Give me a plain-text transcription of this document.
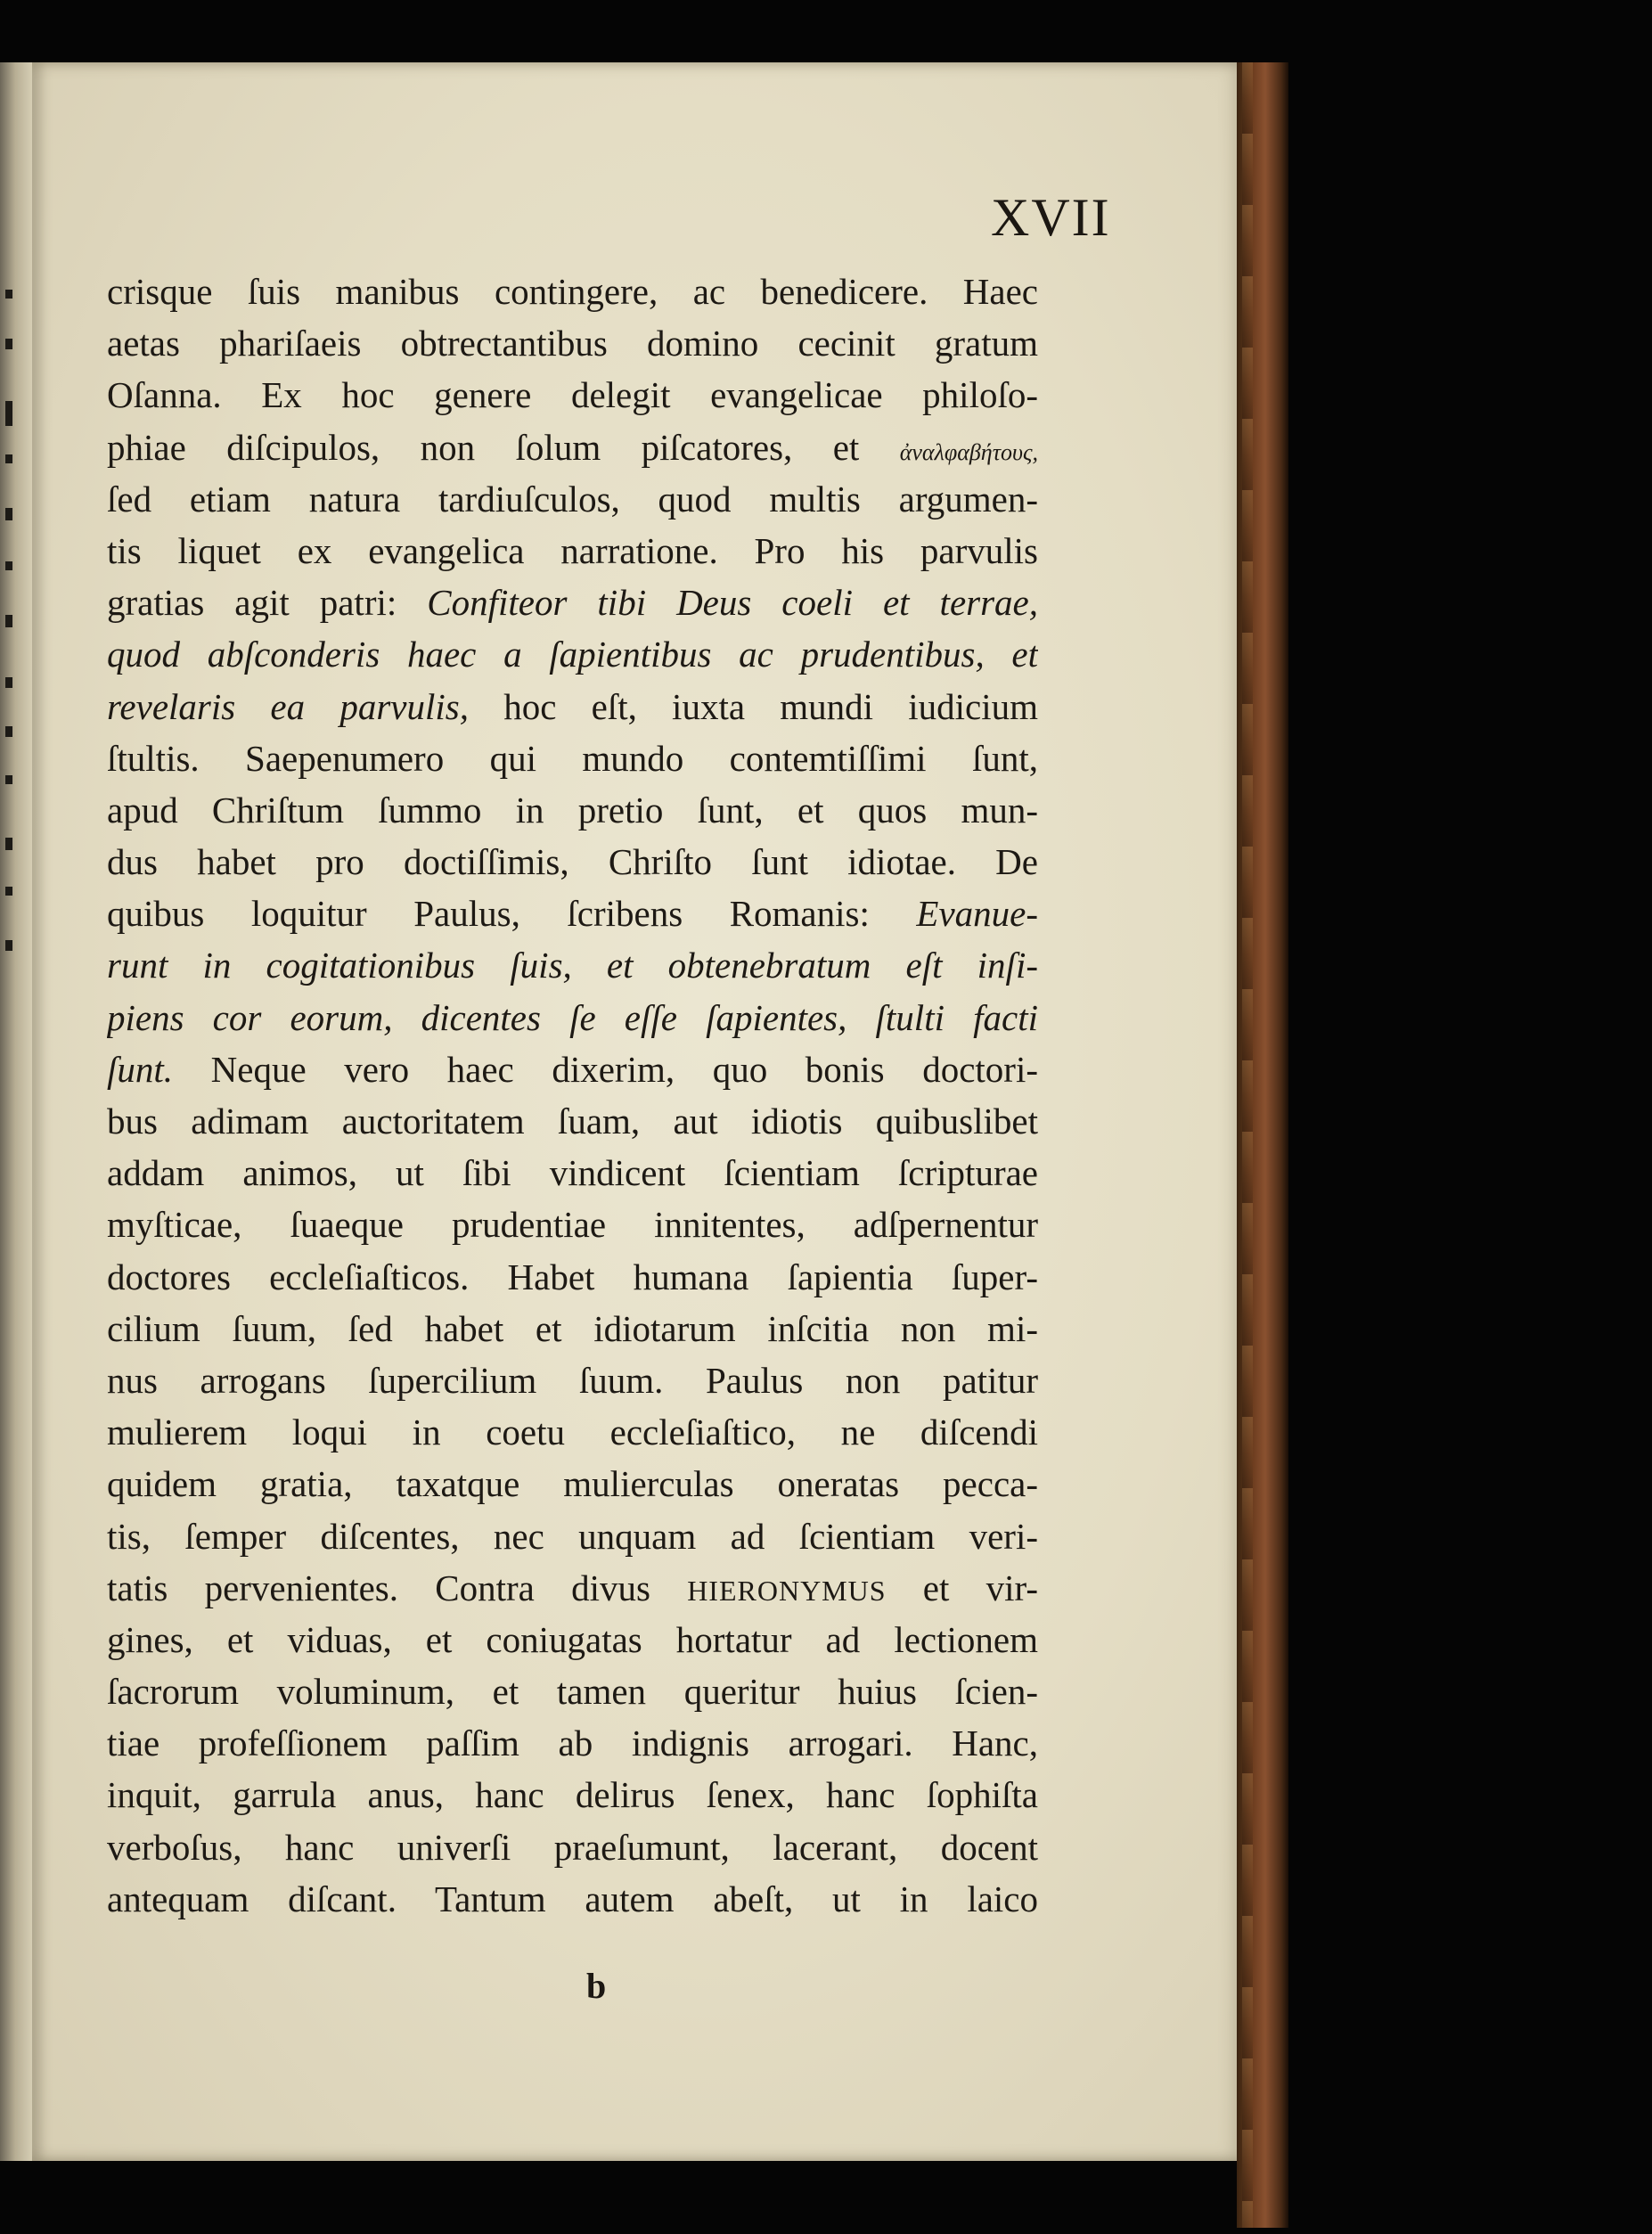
XVII
crisque ſuis manibus contingere, ac benedicere. Haec
aetas phariſaeis obtrectantibus domino cecinit gratum
Oſanna. Ex hoc genere delegit evangelicae philoſo-
phiae diſcipulos, non ſolum piſcatores, et ἀναλφαβήτους,
ſed etiam natura tardiuſculos, quod multis argumen-
tis liquet ex evangelica narratione. Pro his parvulis
gratias agit patri: Confiteor tibi Deus coeli et terrae,
quod abſconderis haec a ſapientibus ac prudentibus, et
revelaris ea parvulis, hoc eſt, iuxta mundi iudicium
ſtultis. Saepenumero qui mundo contemtiſſimi ſunt,
apud Chriſtum ſummo in pretio ſunt, et quos mun-
dus habet pro doctiſſimis, Chriſto ſunt idiotae. De
quibus loquitur Paulus, ſcribens Romanis: Evanue-
runt in cogitationibus ſuis, et obtenebratum eſt inſi-
piens cor eorum, dicentes ſe eſſe ſapientes, ſtulti facti
ſunt. Neque vero haec dixerim, quo bonis doctori-
bus adimam auctoritatem ſuam, aut idiotis quibuslibet
addam animos, ut ſibi vindicent ſcientiam ſcripturae
myſticae, ſuaeque prudentiae innitentes, adſpernentur
doctores eccleſiaſticos. Habet humana ſapientia ſuper-
cilium ſuum, ſed habet et idiotarum inſcitia non mi-
nus arrogans ſupercilium ſuum. Paulus non patitur
mulierem loqui in coetu eccleſiaſtico, ne diſcendi
quidem gratia, taxatque mulierculas oneratas pecca-
tis, ſemper diſcentes, nec unquam ad ſcientiam veri-
tatis pervenientes. Contra divus HIERONYMUS et vir-
gines, et viduas, et coniugatas hortatur ad lectionem
ſacrorum voluminum, et tamen queritur huius ſcien-
tiae profeſſionem paſſim ab indignis arrogari. Hanc,
inquit, garrula anus, hanc delirus ſenex, hanc ſophiſta
verboſus, hanc univerſi praeſumunt, lacerant, docent
antequam diſcant. Tantum autem abeſt, ut in laico
b
